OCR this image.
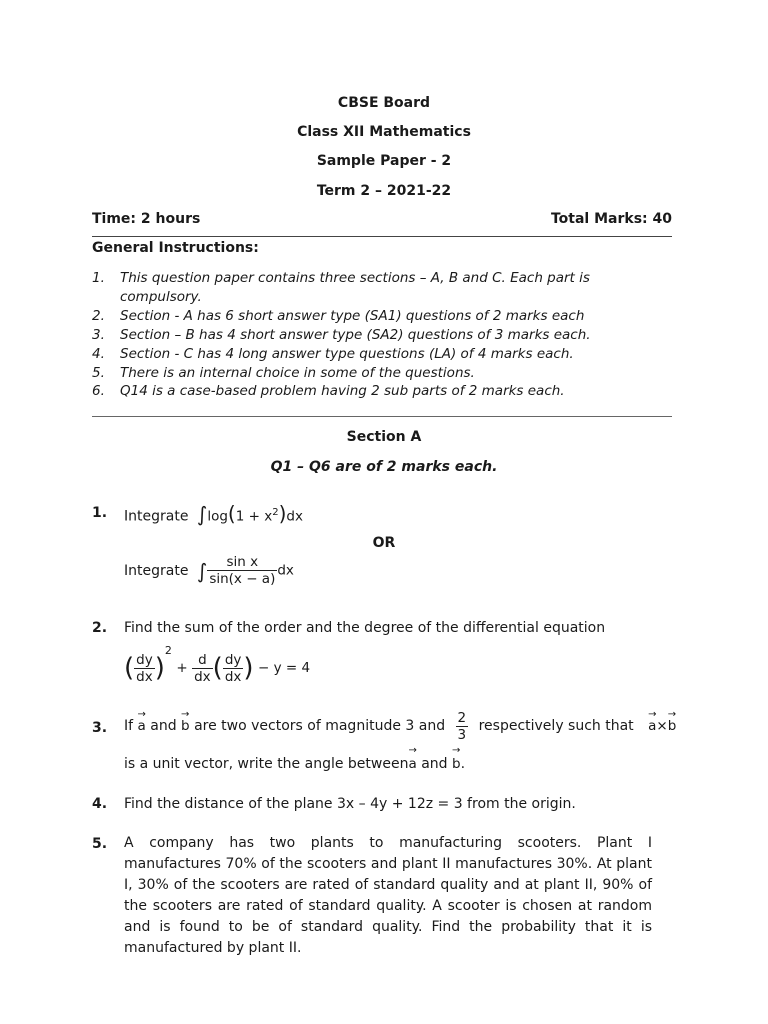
CBSE Board
Class XII Mathematics
Sample Paper - 2
Term 2 – 2021-22
Time: 2 hours	Total Marks: 40
General Instructions:
1. This question paper contains three sections – A, B and C. Each part is
compulsory.
2. Section - A has 6 short answer type (SA1) questions of 2 marks each
3. Section – B has 4 short answer type (SA2) questions of 3 marks each.
4. Section - C has 4 long answer type questions (LA) of 4 marks each.
5. There is an internal choice in some of the questions.
6. Q14 is a case-based problem having 2 sub parts of 2 marks each.
Section A
Q1 – Q6 are of 2 marks each.
1. Integrate $\int\log(1 + x^2)dx$
OR
Integrate ∫ $\frac{\text{sin x}}{\sin(x - a)}$ dx
2. Find the sum of the order and the degree of the differential equation
( $\frac{dy}{dx} )^2 + \frac{d}{dx}$ ( $\frac{dy}{dx}$ ) − y = 4
3. If → a and → b are two vectors of magnitude 3 and $\frac{2}{3}$ respectively such that → a×→ b
is a unit vector, write the angle between→ a and → b.
4. Find the distance of the plane 3x – 4y + 12z = 3 from the origin.
5. A company has two plants to manufacturing scooters. Plant I manufactures 70% of the scooters and plant II manufactures 30%. At plant I, 30% of the scooters are rated of standard quality and at plant II, 90% of the scooters are rated of standard quality. A scooter is chosen at random and is found to be of standard quality. Find the probability that it is manufactured by plant II.
